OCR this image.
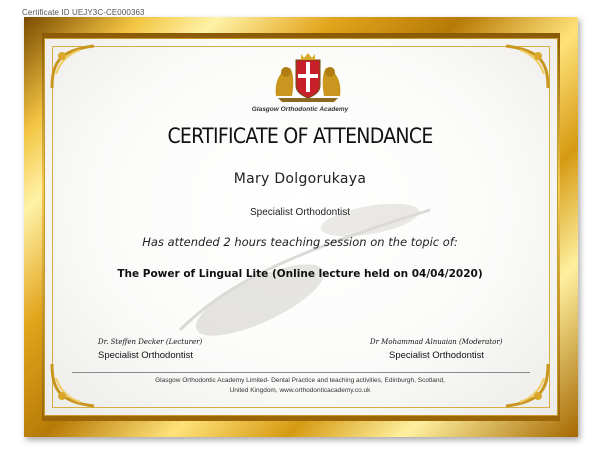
Certificate ID UEJY3C-CE000363
Glasgow Orthodontic Academy
CERTIFICATE OF ATTENDANCE
Mary Dolgorukaya
Specialist Orthodontist
Has attended 2 hours teaching session on the topic of:
The Power of Lingual Lite (Online lecture held on 04/04/2020)
Dr. Steffen Decker (Lecturer)
Specialist Orthodontist
Dr Mohammad Alnuaian (Moderator)
Specialist Orthodontist
Glasgow Orthodontic Academy Limited- Dental Practice and teaching activities, Edinburgh, Scotland,
United Kingdom, www.orthodonticacademy.co.uk
